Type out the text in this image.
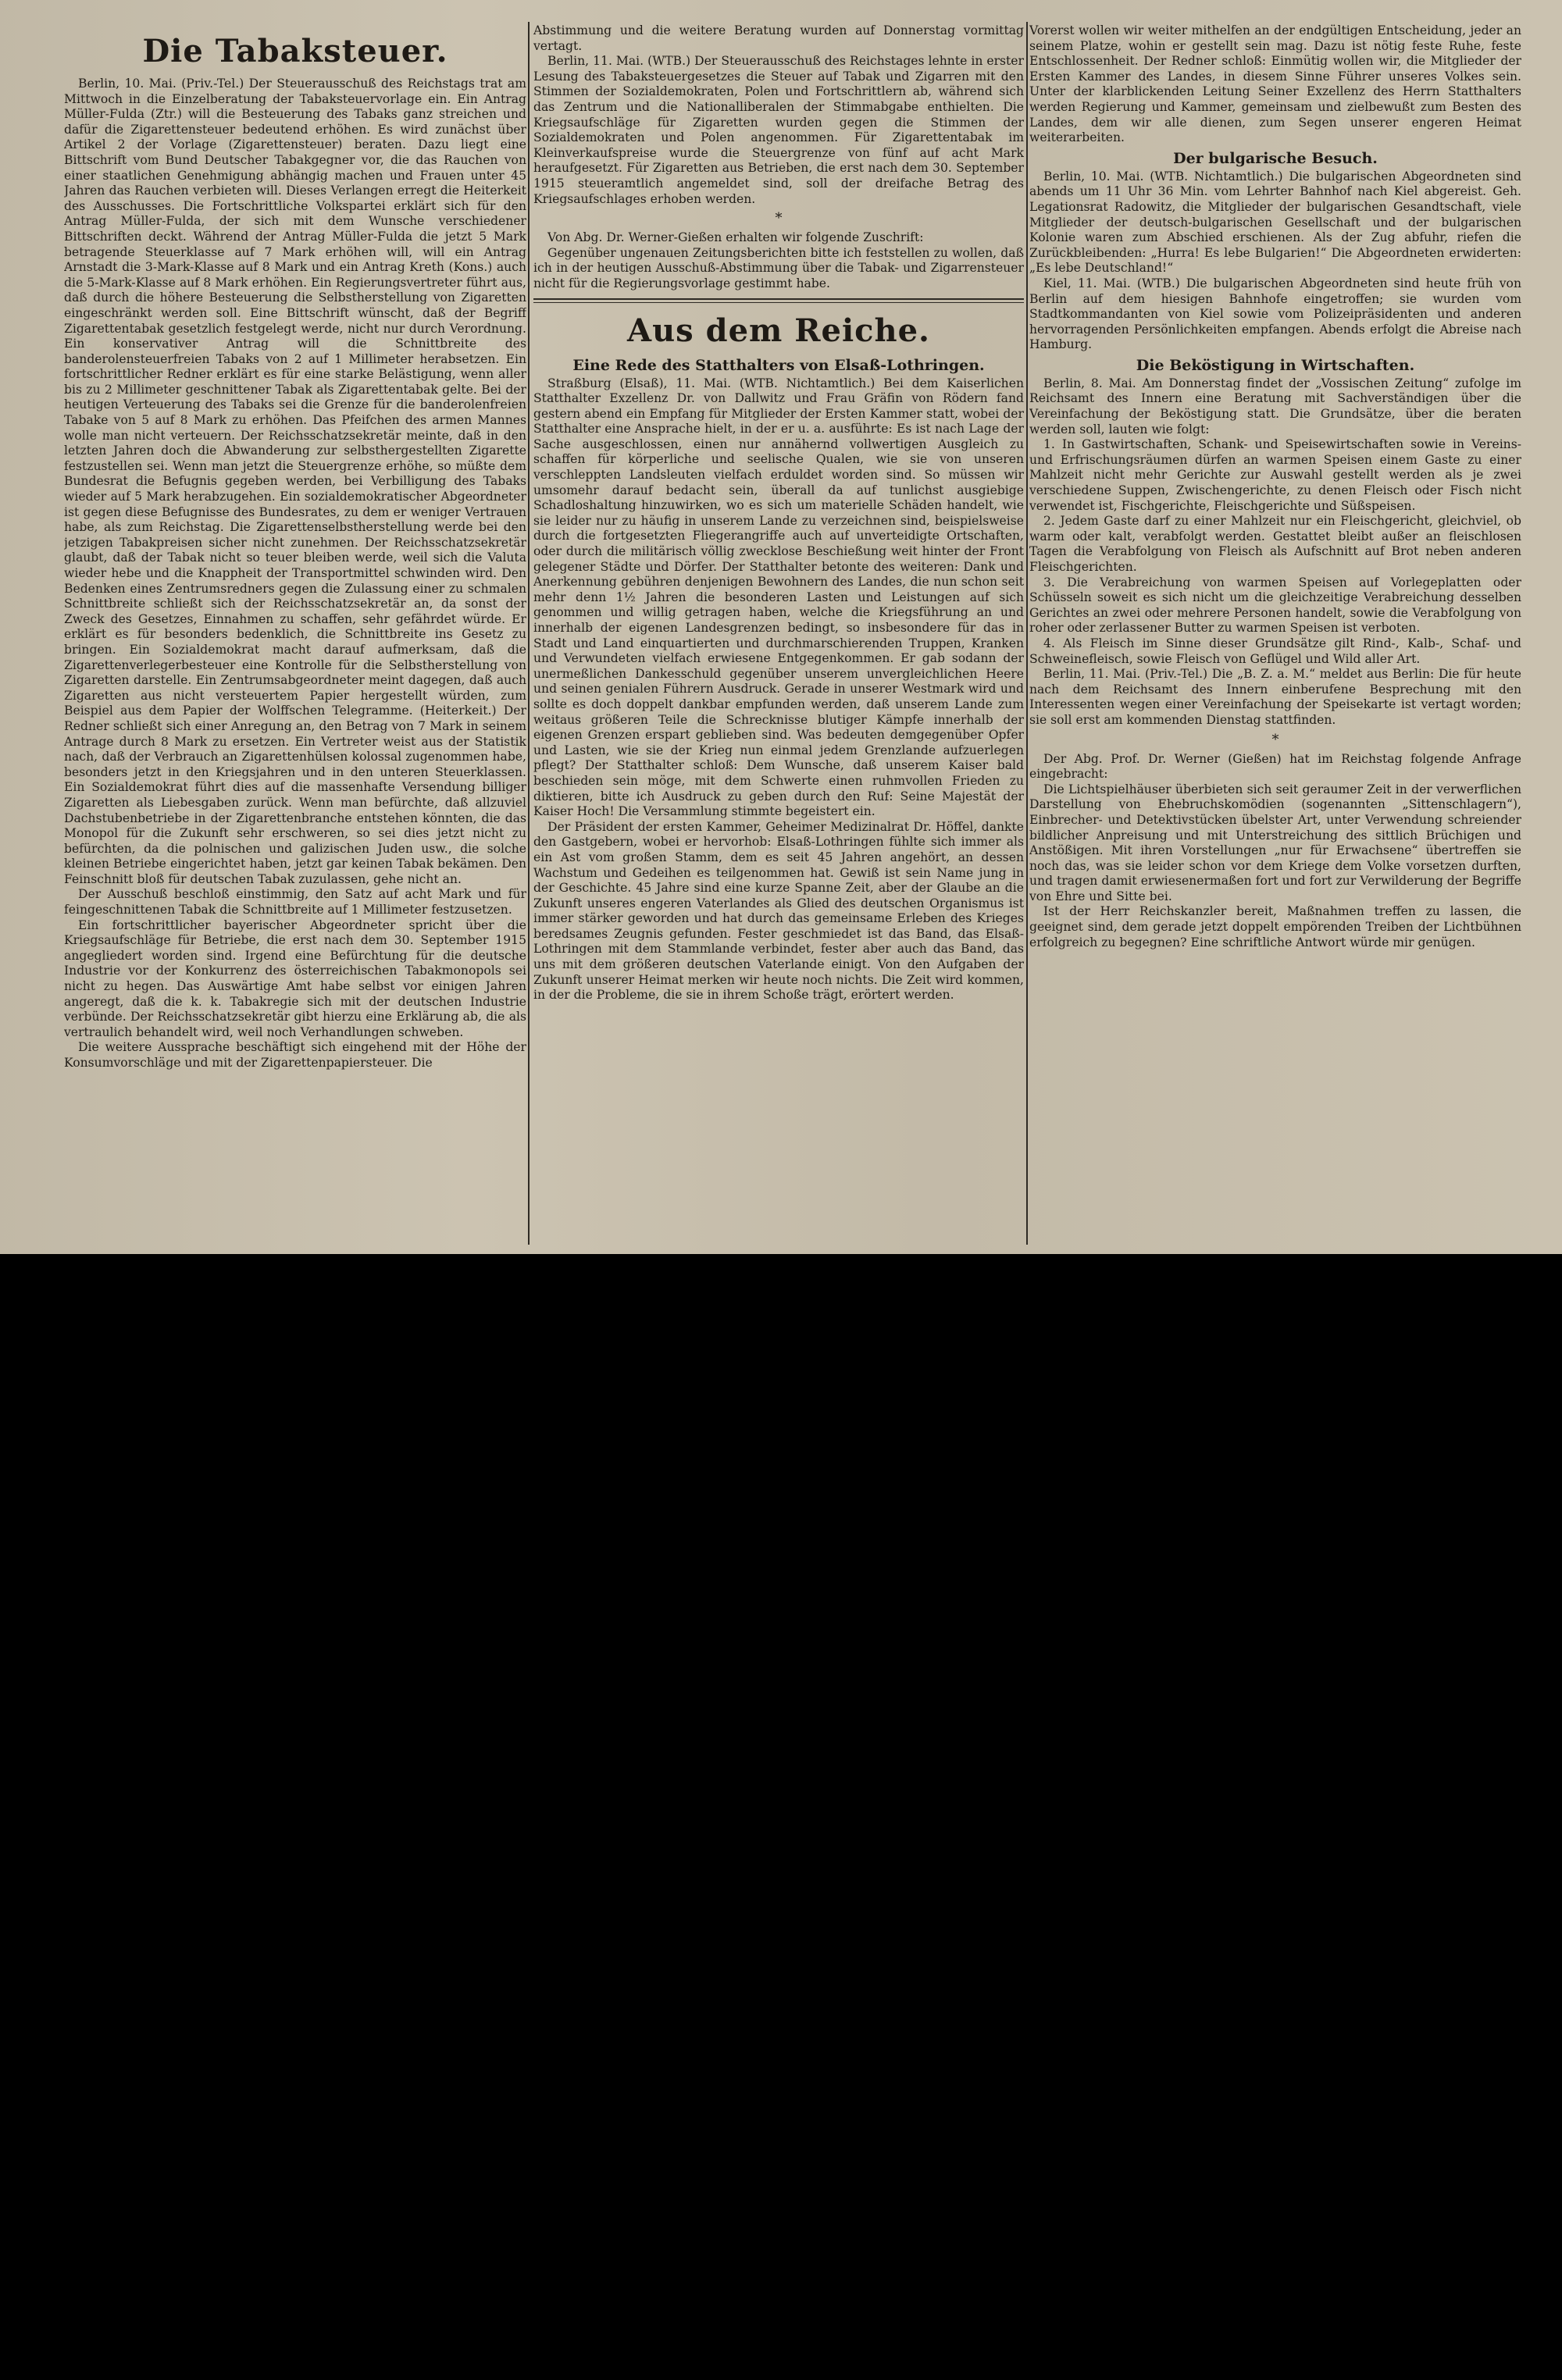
Die Tabaksteuer.

Berlin, 10. Mai. (Priv.-Tel.) Der Steuerausschuß des Reichstags trat am Mittwoch in die Einzelberatung der Tabaksteuervorlage ein. Ein Antrag Müller-Fulda (Ztr.) will die Besteuerung des Tabaks ganz streichen und dafür die Zigarettensteuer bedeutend erhöhen. Es wird zunächst über Artikel 2 der Vorlage (Zigarettensteuer) beraten. Dazu liegt eine Bittschrift vom Bund Deutscher Tabakgegner vor, die das Rauchen von einer staatlichen Genehmigung abhängig machen und Frauen unter 45 Jahren das Rauchen verbieten will. Dieses Verlangen erregt die Heiterkeit des Ausschusses. Die Fortschrittliche Volkspartei erklärt sich für den Antrag Müller-Fulda, der sich mit dem Wunsche verschiedener Bittschriften deckt. Während der Antrag Müller-Fulda die jetzt 5 Mark betragende Steuerklasse auf 7 Mark erhöhen will, will ein Antrag Arnstadt die 3-Mark-Klasse auf 8 Mark und ein Antrag Kreth (Kons.) auch die 5-Mark-Klasse auf 8 Mark erhöhen. Ein Regierungsvertreter führt aus, daß durch die höhere Besteuerung die Selbstherstellung von Zigaretten eingeschränkt werden soll. Eine Bittschrift wünscht, daß der Begriff Zigarettentabak gesetzlich festgelegt werde, nicht nur durch Verordnung. Ein konservativer Antrag will die Schnittbreite des banderolensteuerfreien Tabaks von 2 auf 1 Millimeter herabsetzen. Ein fortschrittlicher Redner erklärt es für eine starke Belästigung, wenn aller bis zu 2 Millimeter geschnittener Tabak als Zigarettentabak gelte. Bei der heutigen Verteuerung des Tabaks sei die Grenze für die banderolenfreien Tabake von 5 auf 8 Mark zu erhöhen. Das Pfeifchen des armen Mannes wolle man nicht verteuern. Der Reichsschatzsekretär meinte, daß in den letzten Jahren doch die Abwanderung zur selbsthergestellten Zigarette festzustellen sei. Wenn man jetzt die Steuergrenze erhöhe, so müßte dem Bundesrat die Befugnis gegeben werden, bei Verbilligung des Tabaks wieder auf 5 Mark herabzugehen. Ein sozialdemokratischer Abgeordneter ist gegen diese Befugnisse des Bundesrates, zu dem er weniger Vertrauen habe, als zum Reichstag. Die Zigarettenselbstherstellung werde bei den jetzigen Tabakpreisen sicher nicht zunehmen. Der Reichsschatzsekretär glaubt, daß der Tabak nicht so teuer bleiben werde, weil sich die Valuta wieder hebe und die Knappheit der Transportmittel schwinden wird. Den Bedenken eines Zentrumsredners gegen die Zulassung einer zu schmalen Schnittbreite schließt sich der Reichsschatzsekretär an, da sonst der Zweck des Gesetzes, Einnahmen zu schaffen, sehr gefährdet würde. Er erklärt es für besonders bedenklich, die Schnittbreite ins Gesetz zu bringen. Ein Sozialdemokrat macht darauf aufmerksam, daß die Zigarettenverlegerbesteuer eine Kontrolle für die Selbstherstellung von Zigaretten darstelle. Ein Zentrumsabgeordneter meint dagegen, daß auch Zigaretten aus nicht versteuertem Papier hergestellt würden, zum Beispiel aus dem Papier der Wolffschen Telegramme. (Heiterkeit.) Der Redner schließt sich einer Anregung an, den Betrag von 7 Mark in seinem Antrage durch 8 Mark zu ersetzen. Ein Vertreter weist aus der Statistik nach, daß der Verbrauch an Zigarettenhülsen kolossal zugenommen habe, besonders jetzt in den Kriegsjahren und in den unteren Steuerklassen. Ein Sozialdemokrat führt dies auf die massenhafte Versendung billiger Zigaretten als Liebesgaben zurück. Wenn man befürchte, daß allzuviel Dachstubenbetriebe in der Zigarettenbranche entstehen könnten, die das Monopol für die Zukunft sehr erschweren, so sei dies jetzt nicht zu befürchten, da die polnischen und galizischen Juden usw., die solche kleinen Betriebe eingerichtet haben, jetzt gar keinen Tabak bekämen. Den Feinschnitt bloß für deutschen Tabak zuzulassen, gehe nicht an.

Der Ausschuß beschloß einstimmig, den Satz auf acht Mark und für feingeschnittenen Tabak die Schnittbreite auf 1 Millimeter festzusetzen.

Ein fortschrittlicher bayerischer Abgeordneter spricht über die Kriegsaufschläge für Betriebe, die erst nach dem 30. September 1915 angegliedert worden sind. Irgend eine Befürchtung für die deutsche Industrie vor der Konkurrenz des österreichischen Tabakmonopols sei nicht zu hegen. Das Auswärtige Amt habe selbst vor einigen Jahren angeregt, daß die k. k. Tabakregie sich mit der deutschen Industrie verbünde. Der Reichsschatzsekretär gibt hierzu eine Erklärung ab, die als vertraulich behandelt wird, weil noch Verhandlungen schweben.

Die weitere Aussprache beschäftigt sich eingehend mit der Höhe der Konsumvorschläge und mit der Zigarettenpapiersteuer. Die

Abstimmung und die weitere Beratung wurden auf Donnerstag vormittag vertagt.

Berlin, 11. Mai. (WTB.) Der Steuerausschuß des Reichstages lehnte in erster Lesung des Tabaksteuergesetzes die Steuer auf Tabak und Zigarren mit den Stimmen der Sozialdemokraten, Polen und Fortschrittlern ab, während sich das Zentrum und die Nationalliberalen der Stimmabgabe enthielten. Die Kriegsaufschläge für Zigaretten wurden gegen die Stimmen der Sozialdemokraten und Polen angenommen. Für Zigarettentabak im Kleinverkaufspreise wurde die Steuergrenze von fünf auf acht Mark heraufgesetzt. Für Zigaretten aus Betrieben, die erst nach dem 30. September 1915 steueramtlich angemeldet sind, soll der dreifache Betrag des Kriegsaufschlages erhoben werden.

*

Von Abg. Dr. Werner-Gießen erhalten wir folgende Zuschrift:

Gegenüber ungenauen Zeitungsberichten bitte ich feststellen zu wollen, daß ich in der heutigen Ausschuß-Abstimmung über die Tabak- und Zigarrensteuer nicht für die Regierungsvorlage gestimmt habe.

Aus dem Reiche.
Eine Rede des Statthalters von Elsaß-Lothringen.

Straßburg (Elsaß), 11. Mai. (WTB. Nichtamtlich.) Bei dem Kaiserlichen Statthalter Exzellenz Dr. von Dallwitz und Frau Gräfin von Rödern fand gestern abend ein Empfang für Mitglieder der Ersten Kammer statt, wobei der Statthalter eine Ansprache hielt, in der er u. a. ausführte: Es ist nach Lage der Sache ausgeschlossen, einen nur annähernd vollwertigen Ausgleich zu schaffen für körperliche und seelische Qualen, wie sie von unseren verschleppten Landsleuten vielfach erduldet worden sind. So müssen wir umsomehr darauf bedacht sein, überall da auf tunlichst ausgiebige Schadloshaltung hinzuwirken, wo es sich um materielle Schäden handelt, wie sie leider nur zu häufig in unserem Lande zu verzeichnen sind, beispielsweise durch die fortgesetzten Fliegerangriffe auch auf unverteidigte Ortschaften, oder durch die militärisch völlig zwecklose Beschießung weit hinter der Front gelegener Städte und Dörfer. Der Statthalter betonte des weiteren: Dank und Anerkennung gebühren denjenigen Bewohnern des Landes, die nun schon seit mehr denn 1½ Jahren die besonderen Lasten und Leistungen auf sich genommen und willig getragen haben, welche die Kriegsführung an und innerhalb der eigenen Landesgrenzen bedingt, so insbesondere für das in Stadt und Land einquartierten und durchmarschierenden Truppen, Kranken und Verwundeten vielfach erwiesene Entgegenkommen. Er gab sodann der unermeßlichen Dankesschuld gegenüber unserem unvergleichlichen Heere und seinen genialen Führern Ausdruck. Gerade in unserer Westmark wird und sollte es doch doppelt dankbar empfunden werden, daß unserem Lande zum weitaus größeren Teile die Schrecknisse blutiger Kämpfe innerhalb der eigenen Grenzen erspart geblieben sind. Was bedeuten demgegenüber Opfer und Lasten, wie sie der Krieg nun einmal jedem Grenzlande aufzuerlegen pflegt? Der Statthalter schloß: Dem Wunsche, daß unserem Kaiser bald beschieden sein möge, mit dem Schwerte einen ruhmvollen Frieden zu diktieren, bitte ich Ausdruck zu geben durch den Ruf: Seine Majestät der Kaiser Hoch! Die Versammlung stimmte begeistert ein.

Der Präsident der ersten Kammer, Geheimer Medizinalrat Dr. Höffel, dankte den Gastgebern, wobei er hervorhob: Elsaß-Lothringen fühlte sich immer als ein Ast vom großen Stamm, dem es seit 45 Jahren angehört, an dessen Wachstum und Gedeihen es teilgenommen hat. Gewiß ist sein Name jung in der Geschichte. 45 Jahre sind eine kurze Spanne Zeit, aber der Glaube an die Zukunft unseres engeren Vaterlandes als Glied des deutschen Organismus ist immer stärker geworden und hat durch das gemeinsame Erleben des Krieges beredsames Zeugnis gefunden. Fester geschmiedet ist das Band, das Elsaß-Lothringen mit dem Stammlande verbindet, fester aber auch das Band, das uns mit dem größeren deutschen Vaterlande einigt. Von den Aufgaben der Zukunft unserer Heimat merken wir heute noch nichts. Die Zeit wird kommen, in der die Probleme, die sie in ihrem Schoße trägt, erörtert werden.

Vorerst wollen wir weiter mithelfen an der endgültigen Entscheidung, jeder an seinem Platze, wohin er gestellt sein mag. Dazu ist nötig feste Ruhe, feste Entschlossenheit. Der Redner schloß: Einmütig wollen wir, die Mitglieder der Ersten Kammer des Landes, in diesem Sinne Führer unseres Volkes sein. Unter der klarblickenden Leitung Seiner Exzellenz des Herrn Statthalters werden Regierung und Kammer, gemeinsam und zielbewußt zum Besten des Landes, dem wir alle dienen, zum Segen unserer engeren Heimat weiterarbeiten.

Der bulgarische Besuch.

Berlin, 10. Mai. (WTB. Nichtamtlich.) Die bulgarischen Abgeordneten sind abends um 11 Uhr 36 Min. vom Lehrter Bahnhof nach Kiel abgereist. Geh. Legationsrat Radowitz, die Mitglieder der bulgarischen Gesandtschaft, viele Mitglieder der deutsch-bulgarischen Gesellschaft und der bulgarischen Kolonie waren zum Abschied erschienen. Als der Zug abfuhr, riefen die Zurückbleibenden: „Hurra! Es lebe Bulgarien!“ Die Abgeordneten erwiderten: „Es lebe Deutschland!“

Kiel, 11. Mai. (WTB.) Die bulgarischen Abgeordneten sind heute früh von Berlin auf dem hiesigen Bahnhofe eingetroffen; sie wurden vom Stadtkommandanten von Kiel sowie vom Polizeipräsidenten und anderen hervorragenden Persönlichkeiten empfangen. Abends erfolgt die Abreise nach Hamburg.

Die Beköstigung in Wirtschaften.

Berlin, 8. Mai. Am Donnerstag findet der „Vossischen Zeitung“ zufolge im Reichsamt des Innern eine Beratung mit Sachverständigen über die Vereinfachung der Beköstigung statt. Die Grundsätze, über die beraten werden soll, lauten wie folgt:

1. In Gastwirtschaften, Schank- und Speisewirtschaften sowie in Vereins- und Erfrischungsräumen dürfen an warmen Speisen einem Gaste zu einer Mahlzeit nicht mehr Gerichte zur Auswahl gestellt werden als je zwei verschiedene Suppen, Zwischengerichte, zu denen Fleisch oder Fisch nicht verwendet ist, Fischgerichte, Fleischgerichte und Süßspeisen.

2. Jedem Gaste darf zu einer Mahlzeit nur ein Fleischgericht, gleichviel, ob warm oder kalt, verabfolgt werden. Gestattet bleibt außer an fleischlosen Tagen die Verabfolgung von Fleisch als Aufschnitt auf Brot neben anderen Fleischgerichten.

3. Die Verabreichung von warmen Speisen auf Vorlegeplatten oder Schüsseln soweit es sich nicht um die gleichzeitige Verabreichung desselben Gerichtes an zwei oder mehrere Personen handelt, sowie die Verabfolgung von roher oder zerlassener Butter zu warmen Speisen ist verboten.

4. Als Fleisch im Sinne dieser Grundsätze gilt Rind-, Kalb-, Schaf- und Schweinefleisch, sowie Fleisch von Geflügel und Wild aller Art.

Berlin, 11. Mai. (Priv.-Tel.) Die „B. Z. a. M.“ meldet aus Berlin: Die für heute nach dem Reichsamt des Innern einberufene Besprechung mit den Interessenten wegen einer Vereinfachung der Speisekarte ist vertagt worden; sie soll erst am kommenden Dienstag stattfinden.

*

Der Abg. Prof. Dr. Werner (Gießen) hat im Reichstag folgende Anfrage eingebracht:

Die Lichtspielhäuser überbieten sich seit geraumer Zeit in der verwerflichen Darstellung von Ehebruchskomödien (sogenannten „Sittenschlagern“), Einbrecher- und Detektivstücken übelster Art, unter Verwendung schreiender bildlicher Anpreisung und mit Unterstreichung des sittlich Brüchigen und Anstößigen. Mit ihren Vorstellungen „nur für Erwachsene“ übertreffen sie noch das, was sie leider schon vor dem Kriege dem Volke vorsetzen durften, und tragen damit erwiesenermaßen fort und fort zur Verwilderung der Begriffe von Ehre und Sitte bei.

Ist der Herr Reichskanzler bereit, Maßnahmen treffen zu lassen, die geeignet sind, dem gerade jetzt doppelt empörenden Treiben der Lichtbühnen erfolgreich zu begegnen? Eine schriftliche Antwort würde mir genügen.
